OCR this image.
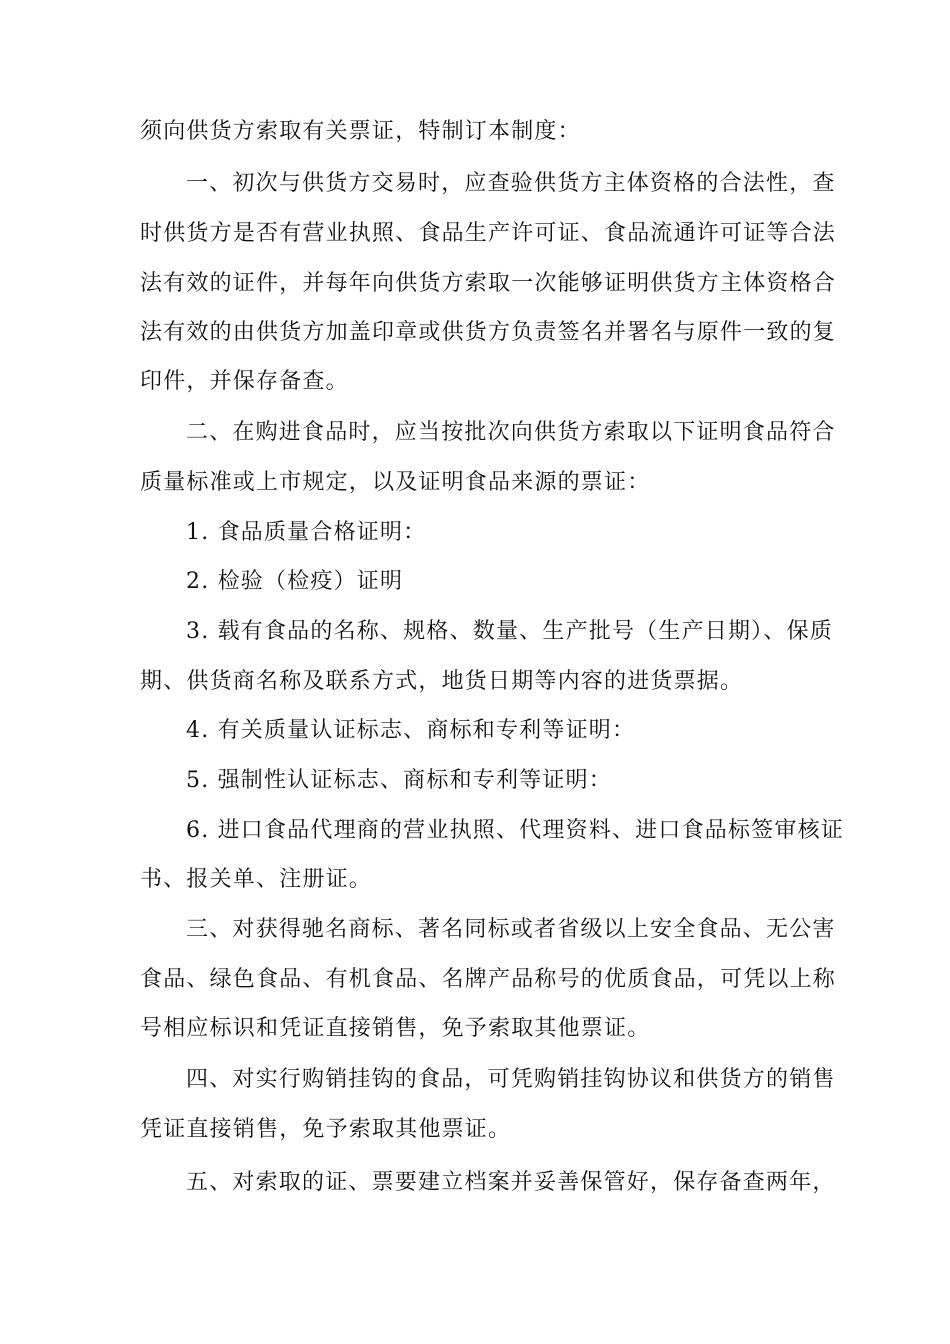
须向供货方索取有关票证，特制订本制度：
一、初次与供货方交易时，应查验供货方主体资格的合法性，查
时供货方是否有营业执照、食品生产许可证、食品流通许可证等合法
法有效的证件，并每年向供货方索取一次能够证明供货方主体资格合
法有效的由供货方加盖印章或供货方负责签名并署名与原件一致的复
印件，并保存备查。
二、在购进食品时，应当按批次向供货方索取以下证明食品符合
质量标准或上市规定，以及证明食品来源的票证：
1. 食品质量合格证明：
2. 检验（检疫）证明
3. 载有食品的名称、规格、数量、生产批号（生产日期）、保质
期、供货商名称及联系方式，地货日期等内容的进货票据。
4. 有关质量认证标志、商标和专利等证明：
5. 强制性认证标志、商标和专利等证明：
6. 进口食品代理商的营业执照、代理资料、进口食品标签审核证
书、报关单、注册证。
三、对获得驰名商标、著名同标或者省级以上安全食品、无公害
食品、绿色食品、有机食品、名牌产品称号的优质食品，可凭以上称
号相应标识和凭证直接销售，免予索取其他票证。
四、对实行购销挂钩的食品，可凭购销挂钩协议和供货方的销售
凭证直接销售，免予索取其他票证。
五、对索取的证、票要建立档案并妥善保管好，保存备查两年，
